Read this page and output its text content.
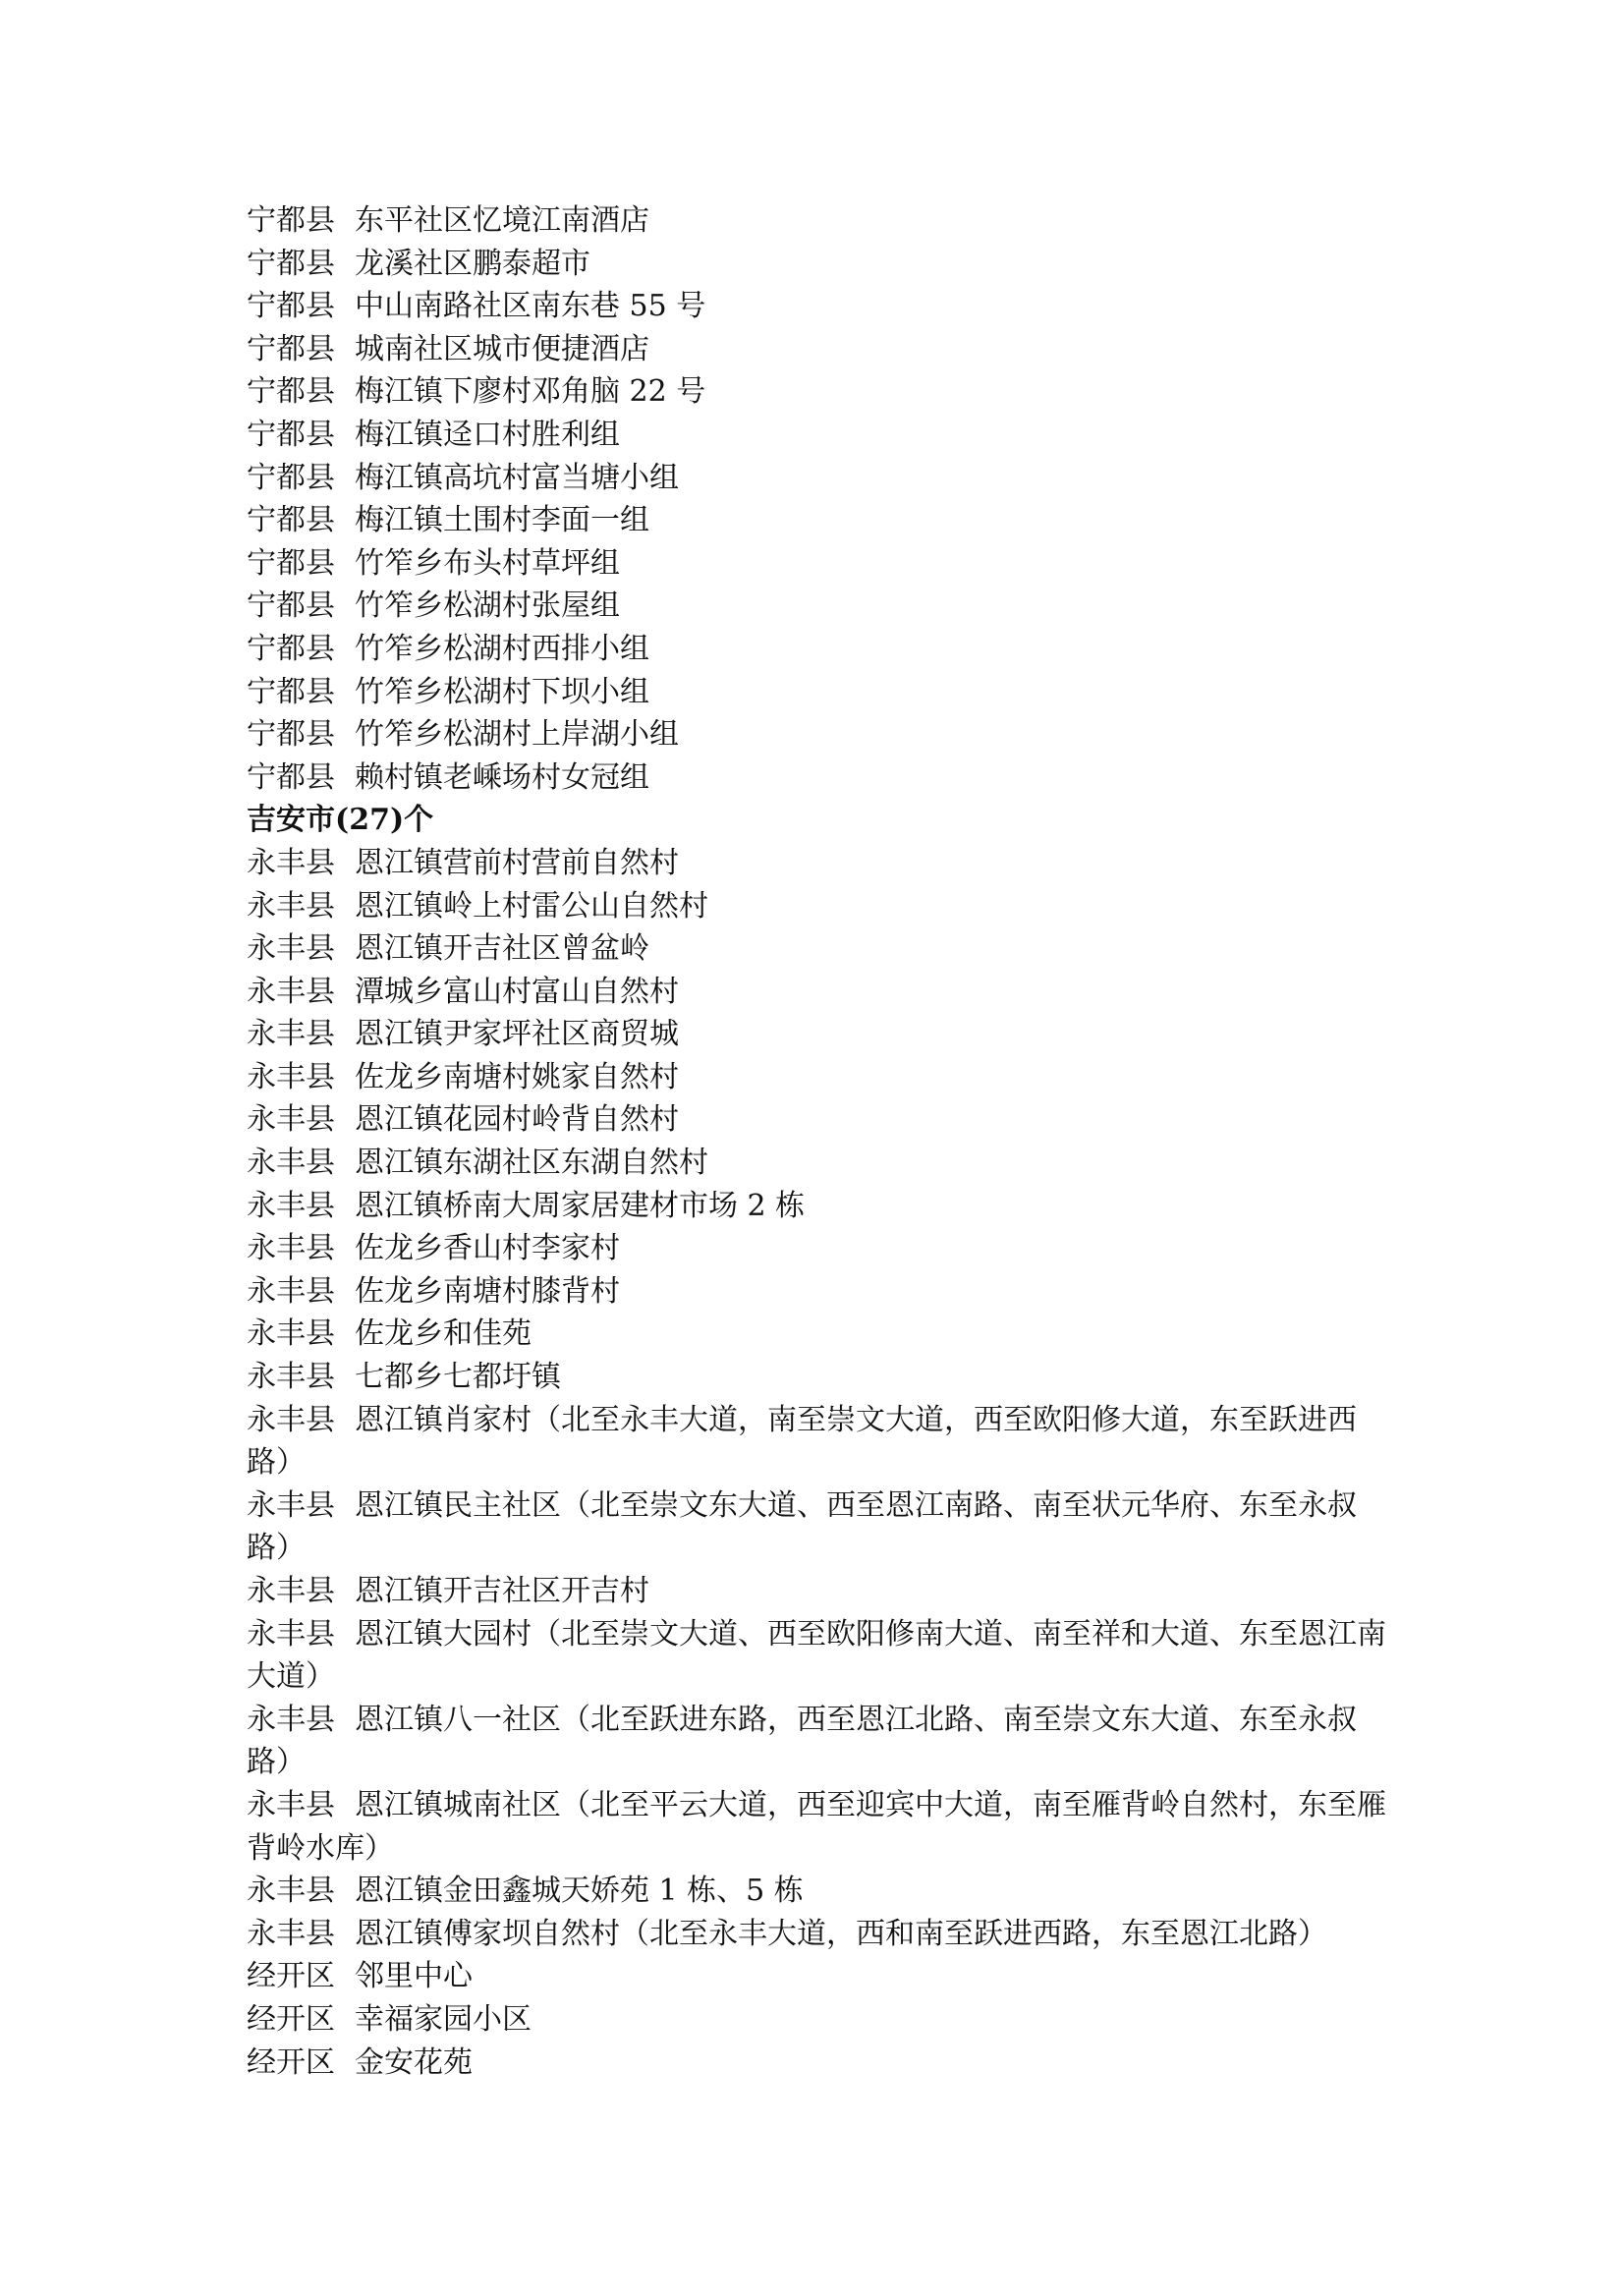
宁都县 东平社区忆境江南酒店
宁都县 龙溪社区鹏泰超市
宁都县 中山南路社区南东巷 55 号
宁都县 城南社区城市便捷酒店
宁都县 梅江镇下廖村邓角脑 22 号
宁都县 梅江镇迳口村胜利组
宁都县 梅江镇高坑村富当塘小组
宁都县 梅江镇土围村李面一组
宁都县 竹笮乡布头村草坪组
宁都县 竹笮乡松湖村张屋组
宁都县 竹笮乡松湖村西排小组
宁都县 竹笮乡松湖村下坝小组
宁都县 竹笮乡松湖村上岸湖小组
宁都县 赖村镇老嵊场村女冠组
吉安市(27)个
永丰县 恩江镇营前村营前自然村
永丰县 恩江镇岭上村雷公山自然村
永丰县 恩江镇开吉社区曾盆岭
永丰县 潭城乡富山村富山自然村
永丰县 恩江镇尹家坪社区商贸城
永丰县 佐龙乡南塘村姚家自然村
永丰县 恩江镇花园村岭背自然村
永丰县 恩江镇东湖社区东湖自然村
永丰县 恩江镇桥南大周家居建材市场 2 栋
永丰县 佐龙乡香山村李家村
永丰县 佐龙乡南塘村膝背村
永丰县 佐龙乡和佳苑
永丰县 七都乡七都圩镇
永丰县 恩江镇肖家村（北至永丰大道，南至崇文大道，西至欧阳修大道，东至跃进西路）
永丰县 恩江镇民主社区（北至崇文东大道、西至恩江南路、南至状元华府、东至永叔路）
永丰县 恩江镇开吉社区开吉村
永丰县 恩江镇大园村（北至崇文大道、西至欧阳修南大道、南至祥和大道、东至恩江南大道）
永丰县 恩江镇八一社区（北至跃进东路，西至恩江北路、南至崇文东大道、东至永叔路）
永丰县 恩江镇城南社区（北至平云大道，西至迎宾中大道，南至雁背岭自然村，东至雁背岭水库）
永丰县 恩江镇金田鑫城天娇苑 1 栋、5 栋
永丰县 恩江镇傅家坝自然村（北至永丰大道，西和南至跃进西路，东至恩江北路）
经开区 邻里中心
经开区 幸福家园小区
经开区 金安花苑
